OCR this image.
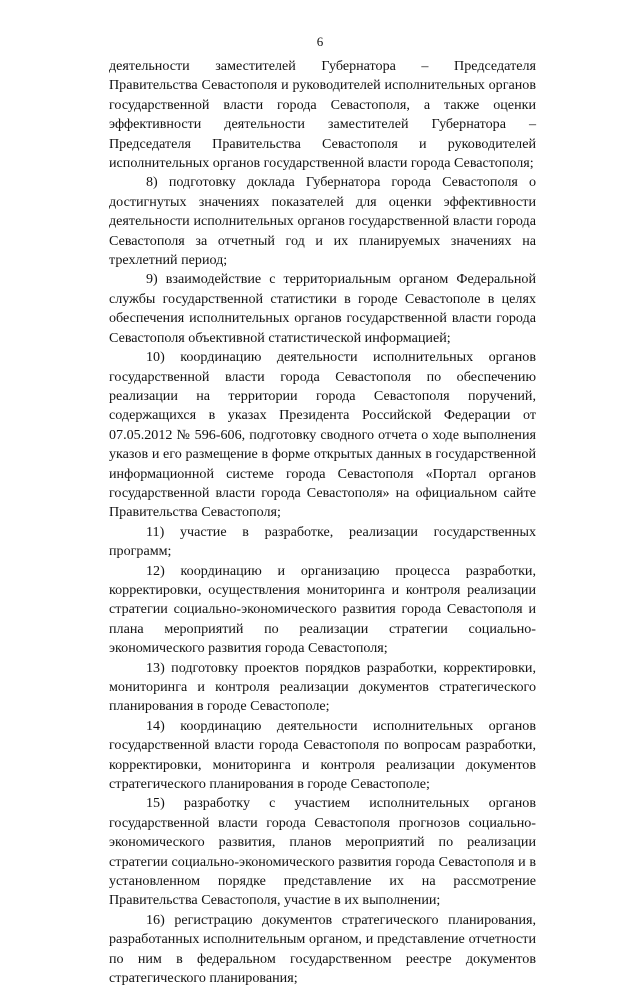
6

деятельности заместителей Губернатора – Председателя Правительства Севастополя и руководителей исполнительных органов государственной власти города Севастополя, а также оценки эффективности деятельности заместителей Губернатора – Председателя Правительства Севастополя и руководителей исполнительных органов государственной власти города Севастополя;

8) подготовку доклада Губернатора города Севастополя о достигнутых значениях показателей для оценки эффективности деятельности исполнительных органов государственной власти города Севастополя за отчетный год и их планируемых значениях на трехлетний период;

9) взаимодействие с территориальным органом Федеральной службы государственной статистики в городе Севастополе в целях обеспечения исполнительных органов государственной власти города Севастополя объективной статистической информацией;

10) координацию деятельности исполнительных органов государственной власти города Севастополя по обеспечению реализации на территории города Севастополя поручений, содержащихся в указах Президента Российской Федерации от 07.05.2012 № 596-606, подготовку сводного отчета о ходе выполнения указов и его размещение в форме открытых данных в государственной информационной системе города Севастополя «Портал органов государственной власти города Севастополя» на официальном сайте Правительства Севастополя;

11) участие в разработке, реализации государственных программ;

12) координацию и организацию процесса разработки, корректировки, осуществления мониторинга и контроля реализации стратегии социально-экономического развития города Севастополя и плана мероприятий по реализации стратегии социально-экономического развития города Севастополя;

13) подготовку проектов порядков разработки, корректировки, мониторинга и контроля реализации документов стратегического планирования в городе Севастополе;

14) координацию деятельности исполнительных органов государственной власти города Севастополя по вопросам разработки, корректировки, мониторинга и контроля реализации документов стратегического планирования в городе Севастополе;

15) разработку с участием исполнительных органов государственной власти города Севастополя прогнозов социально-экономического развития, планов мероприятий по реализации стратегии социально-экономического развития города Севастополя и в установленном порядке представление их на рассмотрение Правительства Севастополя, участие в их выполнении;

16) регистрацию документов стратегического планирования, разработанных исполнительным органом, и представление отчетности по ним в федеральном государственном реестре документов стратегического планирования;
